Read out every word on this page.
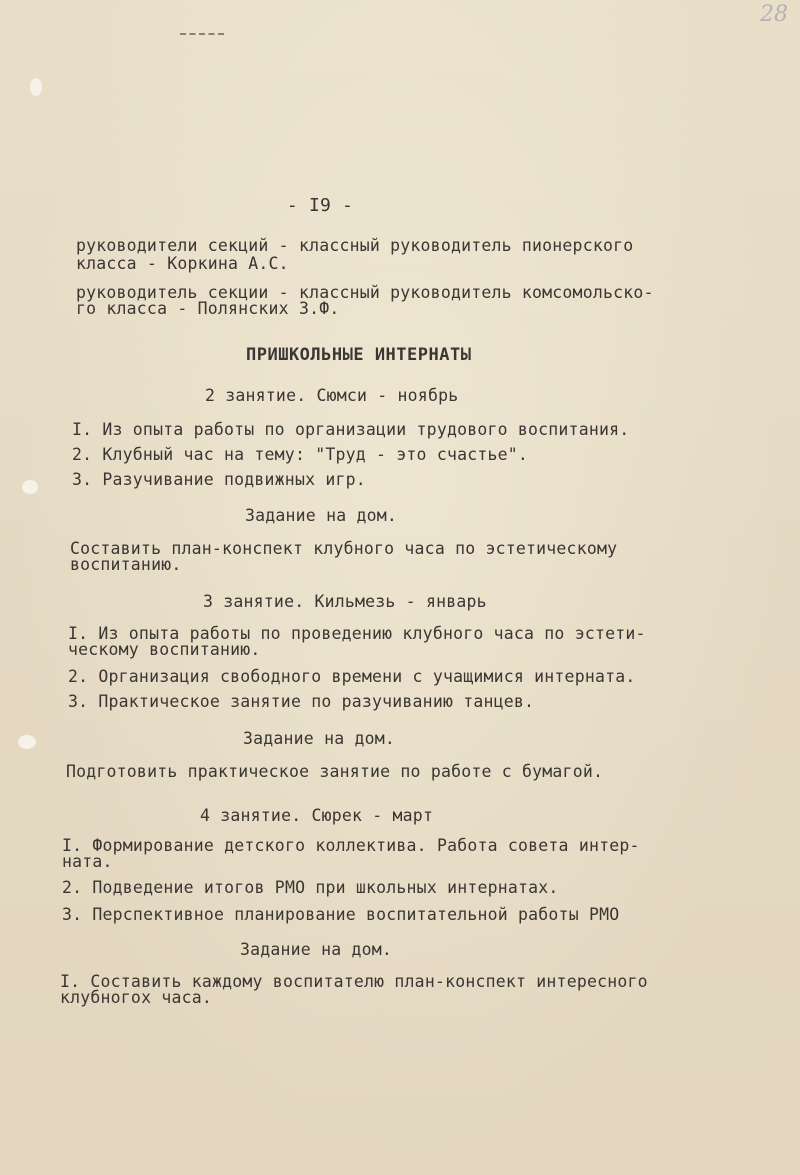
28
- I9 -
руководители секций - классный руководитель пионерского
класса - Коркина А.С.
руководитель секции - классный руководитель комсомольско-
го класса - Полянских З.Ф.
ПРИШКОЛЬНЫЕ ИНТЕРНАТЫ
2 занятие. Сюмси - ноябрь
I. Из опыта работы по организации трудового воспитания.
2. Клубный час на тему: "Труд - это счастье".
3. Разучивание подвижных игр.
Задание на дом.
Составить план-конспект клубного часа по эстетическому
воспитанию.
3 занятие. Кильмезь - январь
I. Из опыта работы по проведению клубного часа по эстети-
ческому воспитанию.
2. Организация свободного времени с учащимися интерната.
3. Практическое занятие по разучиванию танцев.
Задание на дом.
Подготовить практическое занятие по работе с бумагой.
4 занятие. Сюрек - март
I. Формирование детского коллектива. Работа совета интер-
ната.
2. Подведение итогов РМО при школьных интернатах.
3. Перспективное планирование воспитательной работы РМО
Задание на дом.
I. Составить каждому воспитателю план-конспект интересного
клубногох часа.
